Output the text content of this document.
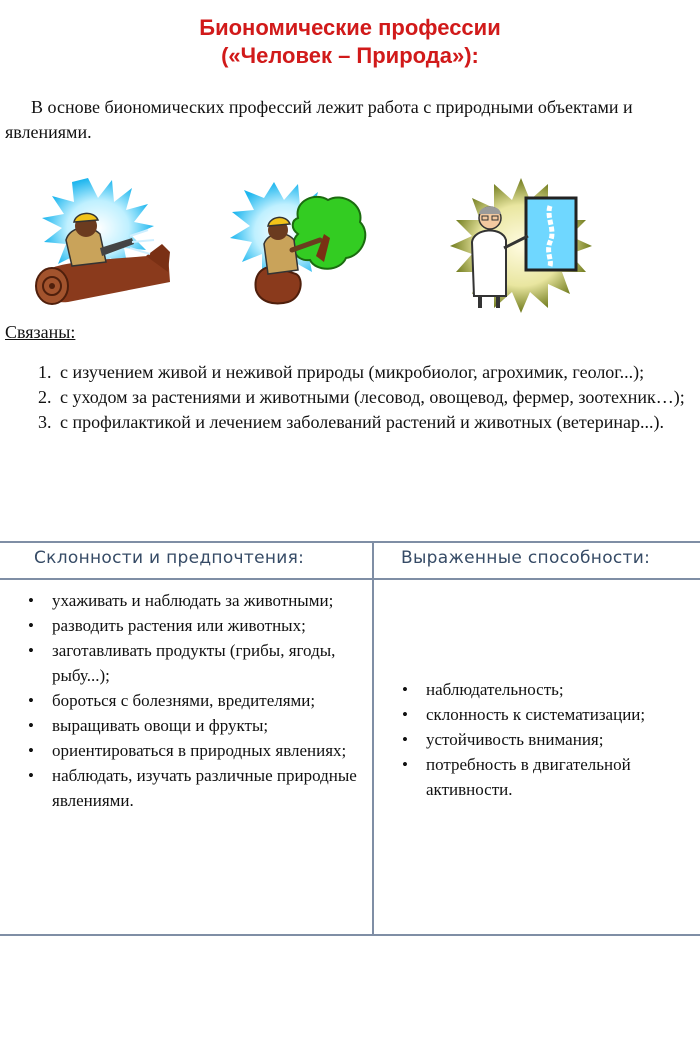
Биономические профессии
(«Человек – Природа»):
В основе биономических профессий лежит работа с природными объектами и явлениями.
Связаны:
1. с изучением живой и неживой природы (микробиолог, агрохимик, геолог...);
2. с уходом за растениями и животными (лесовод, овощевод, фермер, зоотехник…);
3. с профилактикой и лечением заболеваний растений и животных (ветеринар...).
Склонности и предпочтения:	Выраженные способности:
• ухаживать и наблюдать за животными;
• разводить растения или животных;
• заготавливать продукты (грибы, ягоды, рыбу...);
• бороться с болезнями, вредителями;
• выращивать овощи и фрукты;
• ориентироваться в природных явлениях;
• наблюдать, изучать различные природные явлениями.
• наблюдательность;
• склонность к систематизации;
• устойчивость внимания;
• потребность в двигательной активности.
